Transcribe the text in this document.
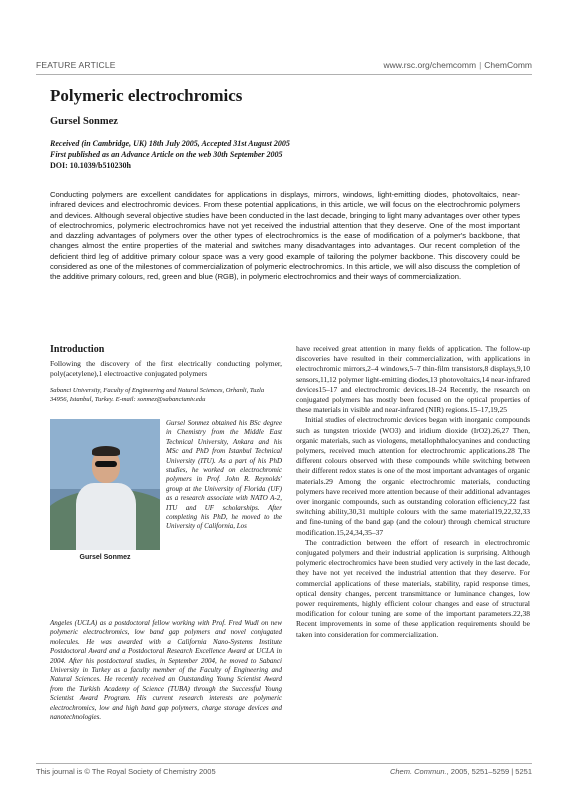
FEATURE ARTICLE	www.rsc.org/chemcomm | ChemComm
Polymeric electrochromics
Gursel Sonmez
Received (in Cambridge, UK) 18th July 2005, Accepted 31st August 2005
First published as an Advance Article on the web 30th September 2005
DOI: 10.1039/b510230h
Conducting polymers are excellent candidates for applications in displays, mirrors, windows, light-emitting diodes, photovoltaics, near-infrared devices and electrochromic devices. From these potential applications, in this article, we will focus on the electrochromic polymers and devices. Although several objective studies have been conducted in the last decade, bringing to light many advantages over other types of electrochromics, polymeric electrochromics have not yet received the industrial attention that they deserve. One of the most important and dazzling advantages of polymers over the other types of electrochromics is the ease of modification of a polymer's backbone, that changes almost the entire properties of the material and switches many disadvantages into advantages. Our recent completion of the deficient third leg of additive primary colour space was a very good example of tailoring the polymer backbone. This discovery could be considered as one of the milestones of commercialization of polymeric electrochromics. In this article, we will also discuss the completion of the additive primary colours, red, green and blue (RGB), in polymeric electrochromics and their ways of commercialization.
Introduction

Following the discovery of the first electrically conducting polymer, poly(acetylene),1 electroactive conjugated polymers

Sabanci University, Faculty of Engineering and Natural Sciences, Orhanli, Tuzla 34956, Istanbul, Turkey. E-mail: sonmez@sabanciuniv.edu
Gursel Sonmez
Gursel Sonmez obtained his BSc degree in Chemistry from the Middle East Technical University, Ankara and his MSc and PhD from Istanbul Technical University (ITU). As a part of his PhD studies, he worked on electrochromic polymers in Prof. John R. Reynolds' group at the University of Florida (UF) as a research associate with NATO A-2, ITU and UF scholarships. After completing his PhD, he moved to the University of California, Los
Angeles (UCLA) as a postdoctoral fellow working with Prof. Fred Wudl on new polymeric electrochromics, low band gap polymers and novel conjugated molecules. He was awarded with a California Nano-Systems Institute Postdoctoral Award and a Postdoctoral Research Excellence Award at UCLA in 2004. After his postdoctoral studies, in September 2004, he moved to Sabanci University in Turkey as a faculty member of the Faculty of Engineering and Natural Sciences. He recently received an Outstanding Young Scientist Award from the Turkish Academy of Science (TUBA) through the Successful Young Scientist Award Program. His current research interests are polymeric electrochromics, low and high band gap polymers, charge storage devices and nanotechnologies.

have received great attention in many fields of application. The follow-up discoveries have resulted in their commercialization, with applications in electrochromic mirrors,2–4 windows,5–7 thin-film transistors,8 displays,9,10 sensors,11,12 polymer light-emitting diodes,13 photovoltaics,14 near-infrared devices15–17 and electrochromic devices.18–24 Recently, the research on conjugated polymers has mostly been focused on the optical properties of these materials in visible and near-infrared (NIR) regions.15–17,19,25

Initial studies of electrochromic devices began with inorganic compounds such as tungsten trioxide (WO3) and iridium dioxide (IrO2).26,27 Then, organic materials, such as viologens, metallophthalocyanines and conducting polymers, received much attention for electrochromic applications.28 The different colours observed with these compounds while switching between their different redox states is one of the most important advantages of organic materials.29 Among the organic electrochromic materials, conducting polymers have received more attention because of their additional advantages over inorganic compounds, such as outstanding coloration efficiency,22 fast switching ability,30,31 multiple colours with the same material19,22,32,33 and fine-tuning of the band gap (and the colour) through chemical structure modification.15,24,34,35–37

The contradiction between the effort of research in electrochromic conjugated polymers and their industrial application is surprising. Although polymeric electrochromics have been studied very actively in the last decade, they have not yet received the industrial attention that they deserve. For commercial applications of these materials, stability, rapid response times, optical density changes, percent transmittance or luminance changes, low power requirements, highly efficient colour changes and ease of structural modification for colour tuning are some of the important parameters.22,38 Recent improvements in some of these application requirements should be taken into consideration for commercialization.

This journal is © The Royal Society of Chemistry 2005	Chem. Commun., 2005, 5251–5259 | 5251
